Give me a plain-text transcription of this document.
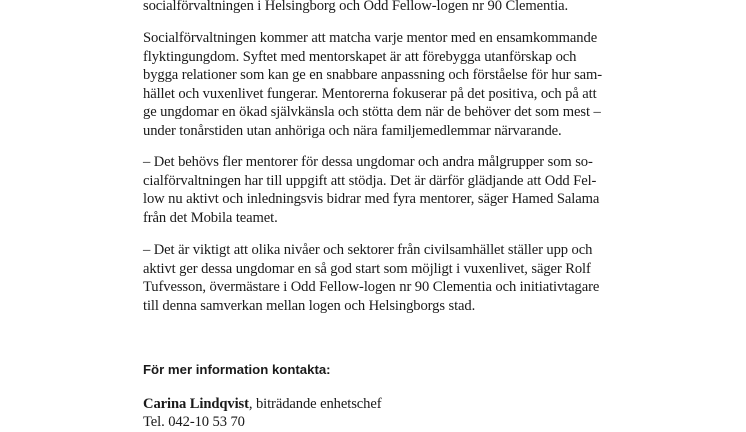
socialförvaltningen i Helsingborg och Odd Fellow-logen nr 90 Clementia.
Socialförvaltningen kommer att matcha varje mentor med en ensamkommande
flyktingungdom. Syftet med mentorskapet är att förebygga utanförskap och
bygga relationer som kan ge en snabbare anpassning och förståelse för hur sam-
hället och vuxenlivet fungerar. Mentorerna fokuserar på det positiva, och på att
ge ungdomar en ökad självkänsla och stötta dem när de behöver det som mest –
under tonårstiden utan anhöriga och nära familjemedlemmar närvarande.
– Det behövs fler mentorer för dessa ungdomar och andra målgrupper som so-
cialförvaltningen har till uppgift att stödja. Det är därför glädjande att Odd Fel-
low nu aktivt och inledningsvis bidrar med fyra mentorer, säger Hamed Salama
från det Mobila teamet.
– Det är viktigt att olika nivåer och sektorer från civilsamhället ställer upp och
aktivt ger dessa ungdomar en så god start som möjligt i vuxenlivet, säger Rolf
Tufvesson, övermästare i Odd Fellow-logen nr 90 Clementia och initiativtagare
till denna samverkan mellan logen och Helsingborgs stad.
För mer information kontakta:
Carina Lindqvist, biträdande enhetschef
Tel. 042-10 53 70
